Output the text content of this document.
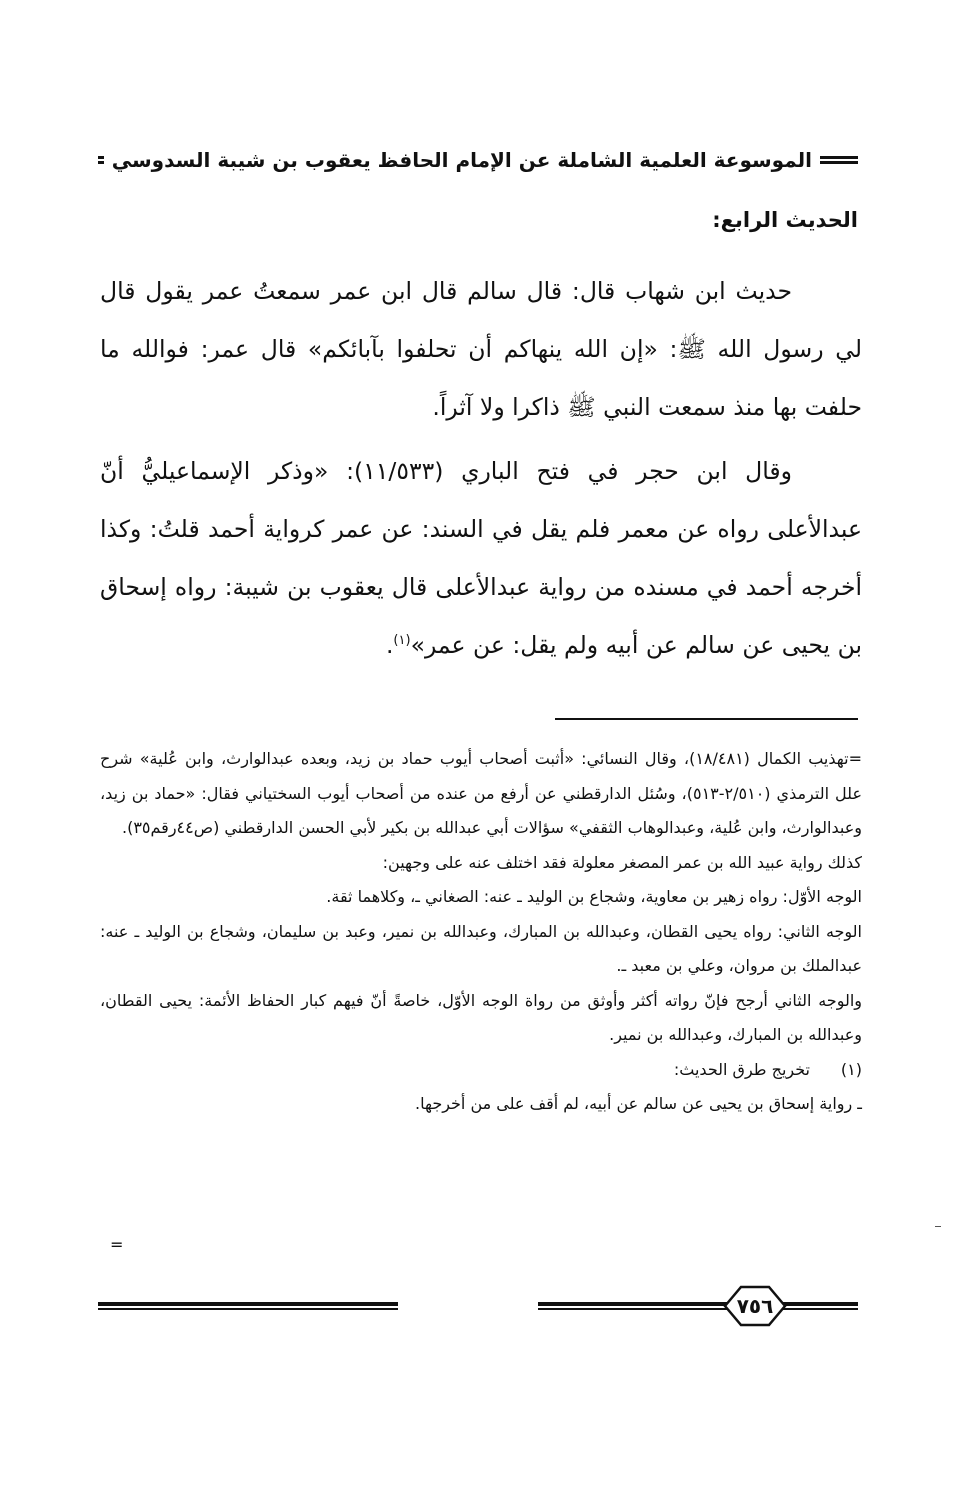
الموسوعة العلمية الشاملة عن الإمام الحافظ يعقوب بن شيبة السدوسي
الحديث الرابع:

حديث ابن شهاب قال: قال سالم قال ابن عمر سمعتُ عمر يقول قال لي رسول الله ﷺ: «إن الله ينهاكم أن تحلفوا بآبائكم» قال عمر: فوالله ما حلفت بها منذ سمعت النبي ﷺ ذاكرا ولا آثراً.

وقال ابن حجر في فتح الباري (١١/٥٣٣): «وذكر الإسماعيليُّ أنّ عبدالأعلى رواه عن معمر فلم يقل في السند: عن عمر كرواية أحمد قلتُ: وكذا أخرجه أحمد في مسنده من رواية عبدالأعلى قال يعقوب بن شيبة: رواه إسحاق بن يحيى عن سالم عن أبيه ولم يقل: عن عمر»$^{(١)}$.

=تهذيب الكمال (١٨/٤٨١)، وقال النسائي: «أثبت أصحاب أيوب حماد بن زيد، وبعده عبدالوارث، وابن عُلية» شرح علل الترمذي (٢/٥١٠-٥١٣)، وسُئل الدارقطني عن أرفع من عنده من أصحاب أيوب السختياني فقال: «حماد بن زيد، وعبدالوارث، وابن عُلية، وعبدالوهاب الثقفي» سؤالات أبي عبدالله بن بكير لأبي الحسن الدارقطني (ص٤٤رقم٣٥).

كذلك رواية عبيد الله بن عمر المصغر معلولة فقد اختلف عنه على وجهين:

الوجه الأوّل: رواه زهير بن معاوية، وشجاع بن الوليد ـ عنه: الصغاني ـ، وكلاهما ثقة.

الوجه الثاني: رواه يحيى القطان، وعبدالله بن المبارك، وعبدالله بن نمير، وعبد بن سليمان، وشجاع بن الوليد ـ عنه: عبدالملك بن مروان، وعلي بن معبد ـ.

والوجه الثاني أرجح فإنّ رواته أكثر وأوثق من رواة الوجه الأوّل، خاصةً أنّ فيهم كبار الحفاظ الأئمة: يحيى القطان، وعبدالله بن المبارك، وعبدالله بن نمير.

(١)
تخريج طرق الحديث:

ـ رواية إسحاق بن يحيى عن سالم عن أبيه، لم أقف على من أخرجها.

=
٧٥٦
